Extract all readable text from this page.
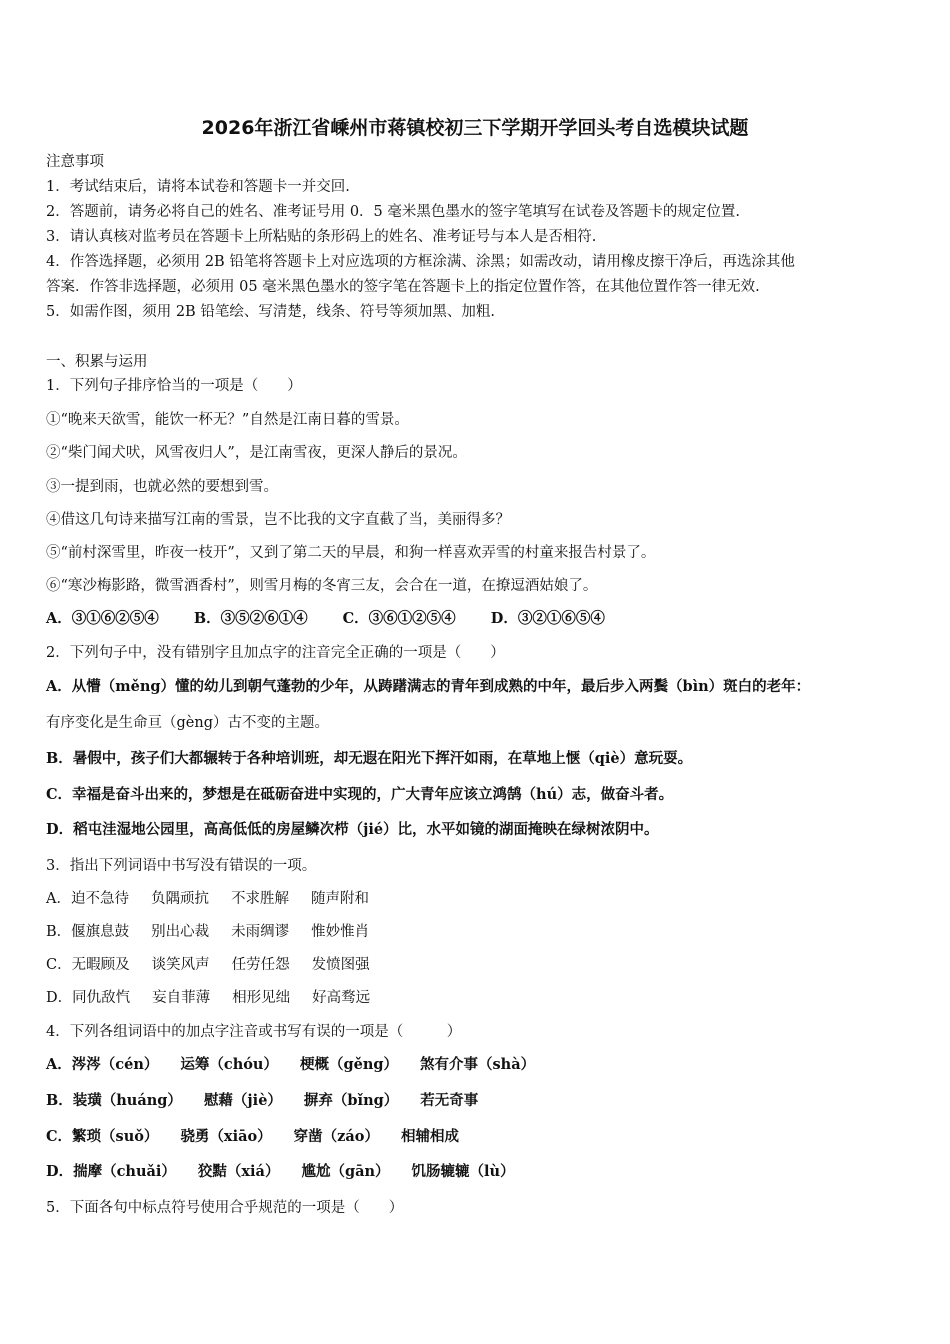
2026年浙江省嵊州市蒋镇校初三下学期开学回头考自选模块试题
注意事项
1．考试结束后，请将本试卷和答题卡一并交回.
2．答题前，请务必将自己的姓名、准考证号用 0．5 毫米黑色墨水的签字笔填写在试卷及答题卡的规定位置.
3．请认真核对监考员在答题卡上所粘贴的条形码上的姓名、准考证号与本人是否相符.
4．作答选择题，必须用 2B 铅笔将答题卡上对应选项的方框涂满、涂黑；如需改动，请用橡皮擦干净后，再选涂其他
答案．作答非选择题，必须用 05 毫米黑色墨水的签字笔在答题卡上的指定位置作答，在其他位置作答一律无效.
5．如需作图，须用 2B 铅笔绘、写清楚，线条、符号等须加黑、加粗.
一、积累与运用
1．下列句子排序恰当的一项是（　　）
①“晚来天欲雪，能饮一杯无？”自然是江南日暮的雪景。
②“柴门闻犬吠，风雪夜归人”，是江南雪夜，更深人静后的景况。
③一提到雨，也就必然的要想到雪。
④借这几句诗来描写江南的雪景，岂不比我的文字直截了当，美丽得多？
⑤“前村深雪里，昨夜一枝开”，又到了第二天的早晨，和狗一样喜欢弄雪的村童来报告村景了。
⑥“寒沙梅影路，微雪酒香村”，则雪月梅的冬宵三友，会合在一道，在撩逗酒姑娘了。
A．③①⑥②⑤④ B．③⑤②⑥①④ C．③⑥①②⑤④ D．③②①⑥⑤④
2．下列句子中，没有错别字且加点字的注音完全正确的一项是（　　）
A．从懵（měng）懂的幼儿到朝气蓬勃的少年，从踌躇满志的青年到成熟的中年，最后步入两鬓（bìn）斑白的老年：
有序变化是生命亘（gèng）古不变的主题。
B．暑假中，孩子们大都辗转于各种培训班，却无遐在阳光下挥汗如雨，在草地上惬（qiè）意玩耍。
C．幸福是奋斗出来的，梦想是在砥砺奋进中实现的，广大青年应该立鸿鹄（hú）志，做奋斗者。
D．稻屯洼湿地公园里，高高低低的房屋鳞次栉（jié）比，水平如镜的湖面掩映在绿树浓阴中。
3．指出下列词语中书写没有错误的一项。
A．迫不急待 负隅顽抗 不求胜解 随声附和
B．偃旗息鼓 别出心裁 未雨绸谬 惟妙惟肖
C．无暇顾及 谈笑风声 任劳任怨 发愤图强
D．同仇敌忾 妄自菲薄 相形见绌 好高骛远
4．下列各组词语中的加点字注音或书写有误的一项是（　　　）
A．涔涔（cén） 运筹（chóu） 梗概（gěng） 煞有介事（shà）
B．装璜（huáng） 慰藉（jiè） 摒弃（bǐng） 若无奇事
C．繁琐（suǒ） 骁勇（xiāo） 穿凿（záo） 相辅相成
D．揣摩（chuǎi） 狡黠（xiá） 尴尬（gān） 饥肠辘辘（lù）
5．下面各句中标点符号使用合乎规范的一项是（　　）
